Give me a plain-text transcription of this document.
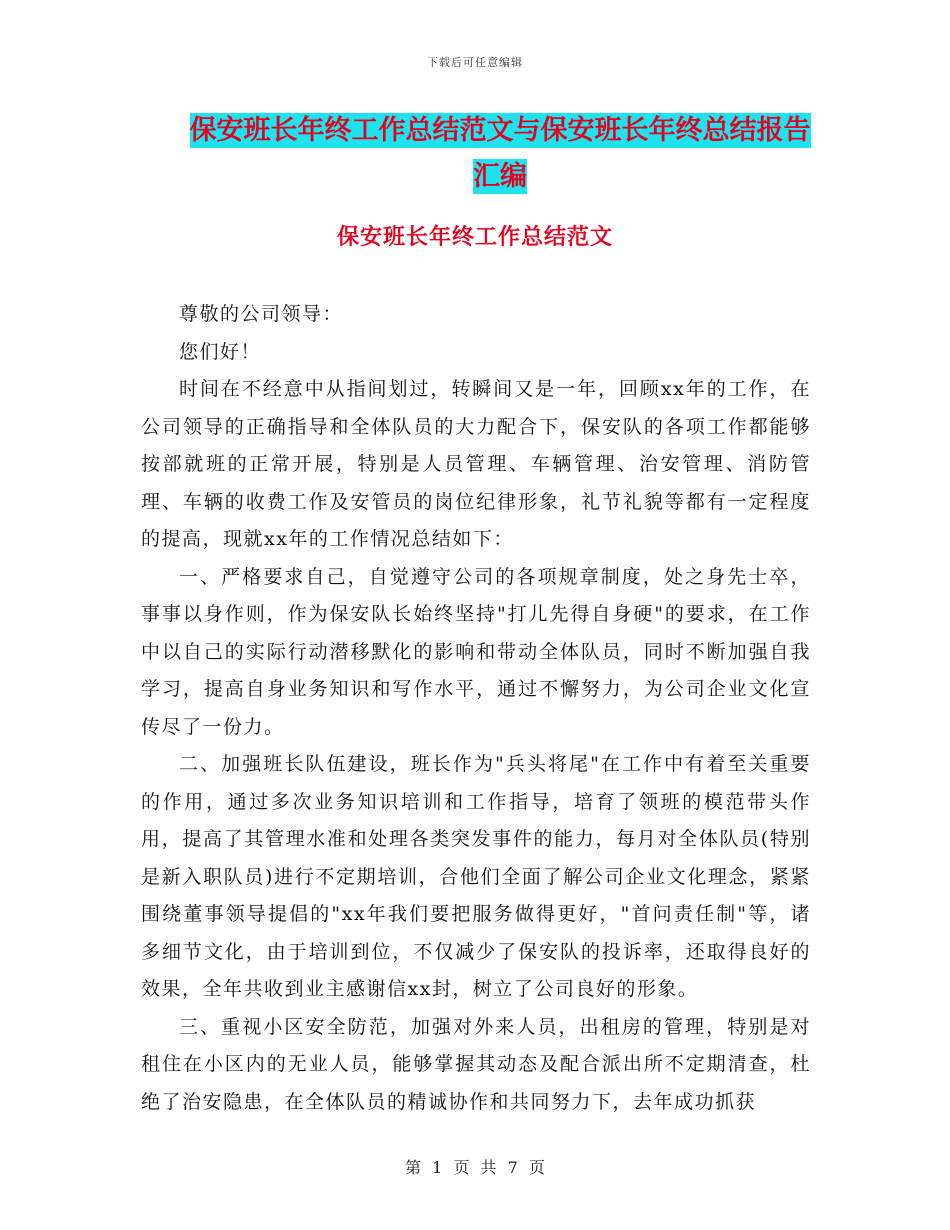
下载后可任意编辑
保安班长年终工作总结范文与保安班长年终总结报告
汇编
保安班长年终工作总结范文

尊敬的公司领导：

您们好！

时间在不经意中从指间划过，转瞬间又是一年，回顾xx年的工作，在公司领导的正确指导和全体队员的大力配合下，保安队的各项工作都能够按部就班的正常开展，特别是人员管理、车辆管理、治安管理、消防管理、车辆的收费工作及安管员的岗位纪律形象，礼节礼貌等都有一定程度的提高，现就xx年的工作情况总结如下：

一、严格要求自己，自觉遵守公司的各项规章制度，处之身先士卒，事事以身作则，作为保安队长始终坚持"打儿先得自身硬"的要求，在工作中以自己的实际行动潜移默化的影响和带动全体队员，同时不断加强自我学习，提高自身业务知识和写作水平，通过不懈努力，为公司企业文化宣传尽了一份力。

二、加强班长队伍建设，班长作为"兵头将尾"在工作中有着至关重要的作用，通过多次业务知识培训和工作指导，培育了领班的模范带头作用，提高了其管理水准和处理各类突发事件的能力，每月对全体队员(特别是新入职队员)进行不定期培训，合他们全面了解公司企业文化理念，紧紧围绕董事领导提倡的"xx年我们要把服务做得更好，"首问责任制"等，诸多细节文化，由于培训到位，不仅减少了保安队的投诉率，还取得良好的效果，全年共收到业主感谢信xx封，树立了公司良好的形象。

三、重视小区安全防范，加强对外来人员，出租房的管理，特别是对租住在小区内的无业人员，能够掌握其动态及配合派出所不定期清查，杜绝了治安隐患，在全体队员的精诚协作和共同努力下，去年成功抓获

第 1 页 共 7 页
